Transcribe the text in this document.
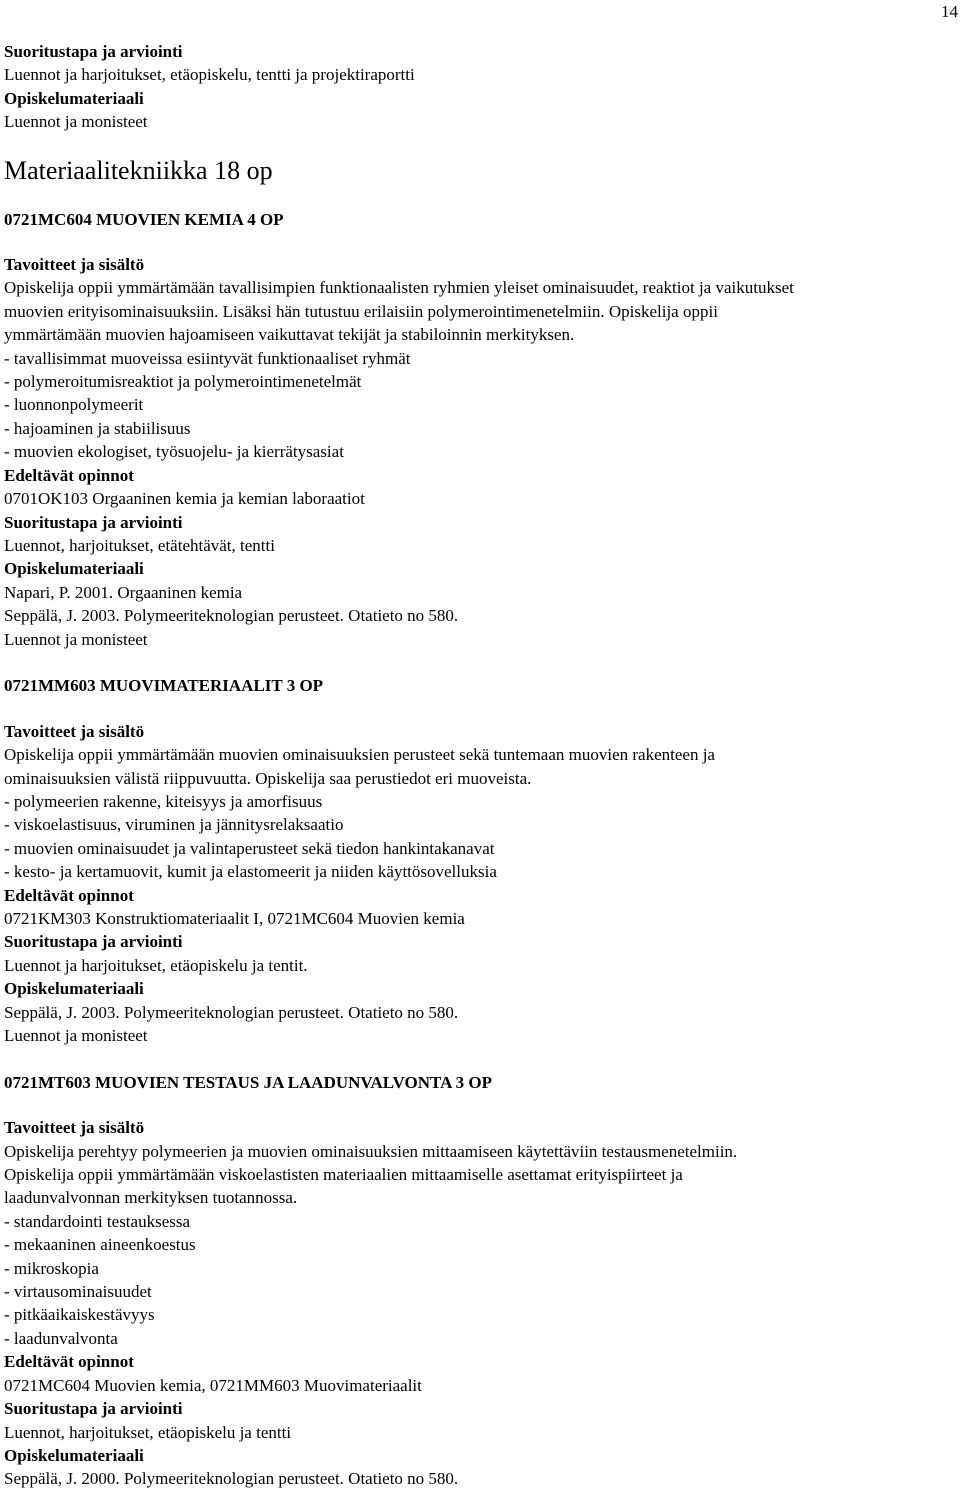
14
Suoritustapa ja arviointi
Luennot ja harjoitukset, etäopiskelu, tentti ja projektiraportti
Opiskelumateriaali
Luennot ja monisteet
Materiaalitekniikka 18 op
0721MC604 MUOVIEN KEMIA 4 OP
Tavoitteet ja sisältö
Opiskelija oppii ymmärtämään tavallisimpien funktionaalisten ryhmien yleiset ominaisuudet, reaktiot ja vaikutukset
muovien erityisominaisuuksiin. Lisäksi hän tutustuu erilaisiin polymerointimenetelmiin. Opiskelija oppii
ymmärtämään muovien hajoamiseen vaikuttavat tekijät ja stabiloinnin merkityksen.
- tavallisimmat muoveissa esiintyvät funktionaaliset ryhmät
- polymeroitumisreaktiot ja polymerointimenetelmät
- luonnonpolymeerit
- hajoaminen ja stabiilisuus
- muovien ekologiset, työsuojelu- ja kierrätysasiat
Edeltävät opinnot
0701OK103 Orgaaninen kemia ja kemian laboraatiot
Suoritustapa ja arviointi
Luennot, harjoitukset, etätehtävät, tentti
Opiskelumateriaali
Napari, P. 2001. Orgaaninen kemia
Seppälä, J. 2003. Polymeeriteknologian perusteet. Otatieto no 580.
Luennot ja monisteet
0721MM603 MUOVIMATERIAALIT 3 OP
Tavoitteet ja sisältö
Opiskelija oppii ymmärtämään muovien ominaisuuksien perusteet sekä tuntemaan muovien rakenteen ja
ominaisuuksien välistä riippuvuutta. Opiskelija saa perustiedot eri muoveista.
- polymeerien rakenne, kiteisyys ja amorfisuus
- viskoelastisuus, viruminen ja jännitysrelaksaatio
- muovien ominaisuudet ja valintaperusteet sekä tiedon hankintakanavat
- kesto- ja kertamuovit, kumit ja elastomeerit ja niiden käyttösovelluksia
Edeltävät opinnot
0721KM303 Konstruktiomateriaalit I, 0721MC604 Muovien kemia
Suoritustapa ja arviointi
Luennot ja harjoitukset, etäopiskelu ja tentit.
Opiskelumateriaali
Seppälä, J. 2003. Polymeeriteknologian perusteet. Otatieto no 580.
Luennot ja monisteet
0721MT603 MUOVIEN TESTAUS JA LAADUNVALVONTA 3 OP
Tavoitteet ja sisältö
Opiskelija perehtyy polymeerien ja muovien ominaisuuksien mittaamiseen käytettäviin testausmenetelmiin.
Opiskelija oppii ymmärtämään viskoelastisten materiaalien mittaamiselle asettamat erityispiirteet ja
laadunvalvonnan merkityksen tuotannossa.
- standardointi testauksessa
- mekaaninen aineenkoestus
- mikroskopia
- virtausominaisuudet
- pitkäaikaiskestävyys
- laadunvalvonta
Edeltävät opinnot
0721MC604 Muovien kemia, 0721MM603 Muovimateriaalit
Suoritustapa ja arviointi
Luennot, harjoitukset, etäopiskelu ja tentti
Opiskelumateriaali
Seppälä, J. 2000. Polymeeriteknologian perusteet. Otatieto no 580.
